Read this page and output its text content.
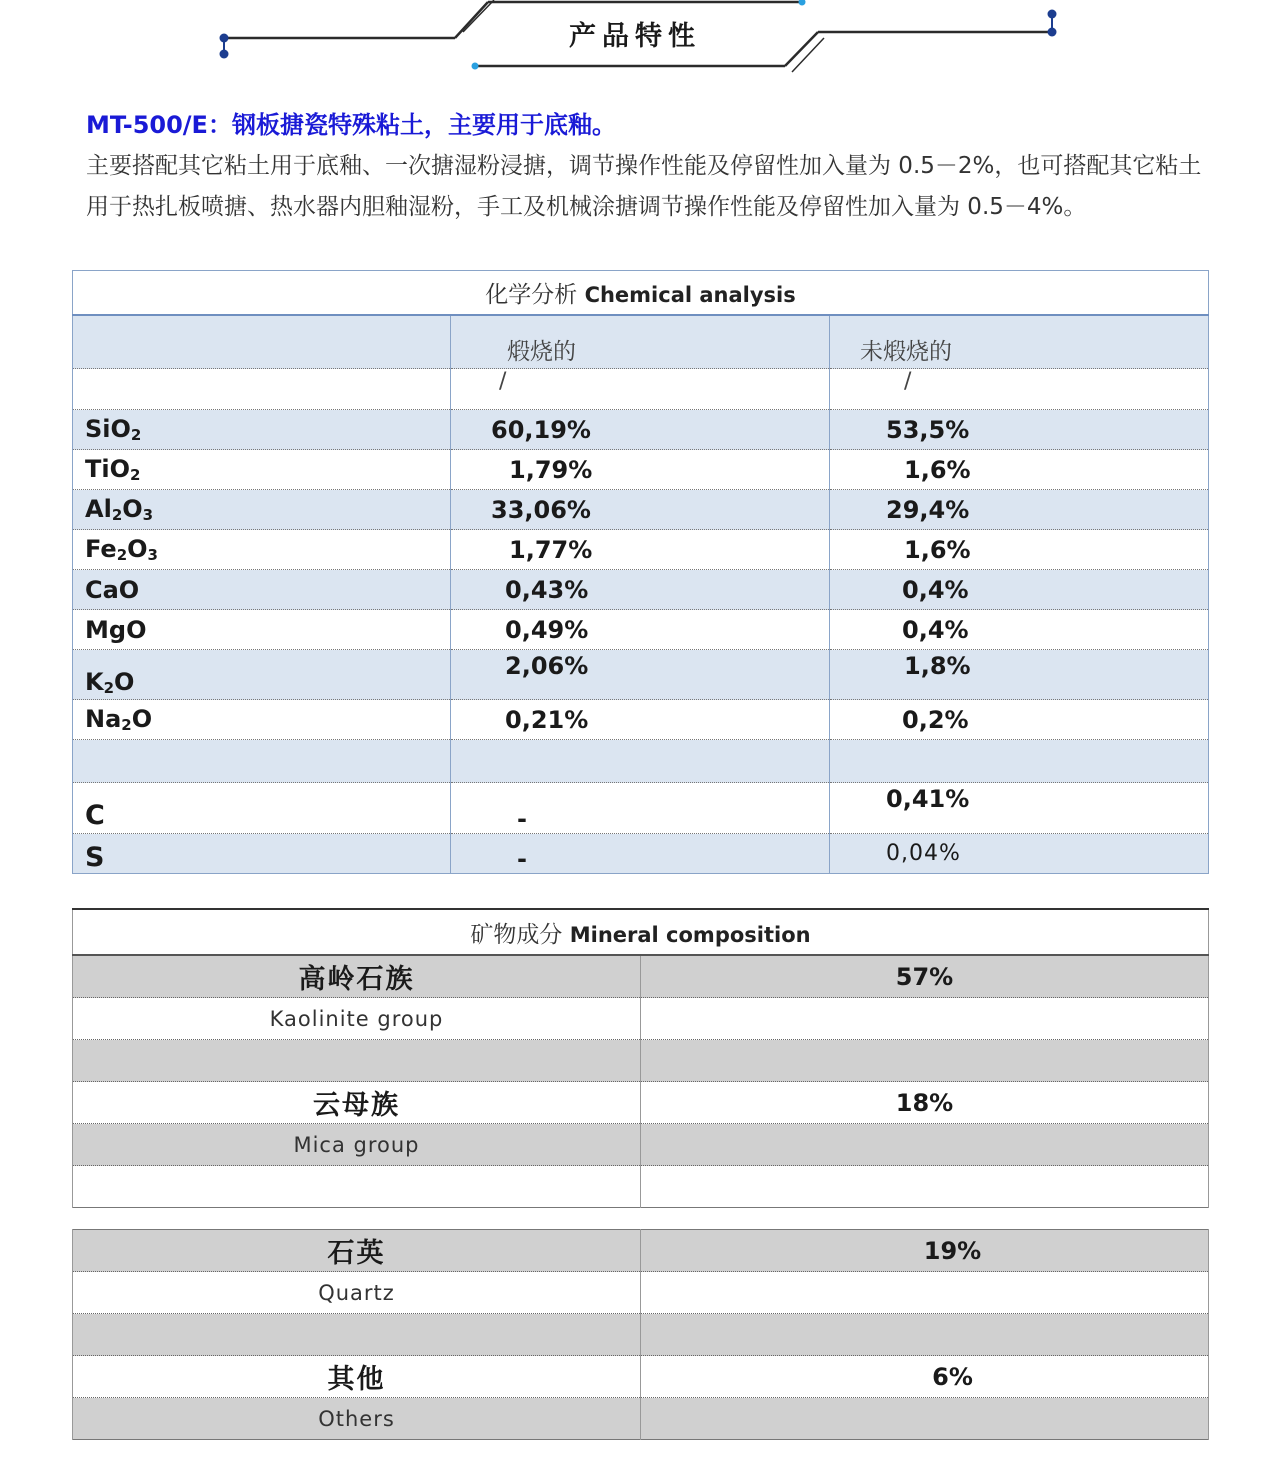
产品特性
MT-500/E：钢板搪瓷特殊粘土，主要用于底釉。
主要搭配其它粘土用于底釉、一次搪湿粉浸搪，调节操作性能及停留性加入量为 0.5－2%，也可搭配其它粘土用于热扎板喷搪、热水器内胆釉湿粉，手工及机械涂搪调节操作性能及停留性加入量为 0.5－4%。
化学分析 Chemical analysis		
	煅烧的	未煅烧的
	/	/
SiO$_2$	60,19%	53,5%
TiO$_2$	1,79%	1,6%
$Al_2O_3$	33,06%	29,4%
$Fe_2O_3$	1,77%	1,6%
CaO	0,43%	0,4%
MgO	0,49%	0,4%
$K_2O$	2,06%	1,8%
$Na_2O$	0,21%	0,2%

C	-	0,41%
S	-	0,04%
矿物成分 Mineral composition	
高岭石族	57%
Kaolinite group	

云母族	18%
Mica group	

石英	19%
Quartz	

其他	6%
Others	
